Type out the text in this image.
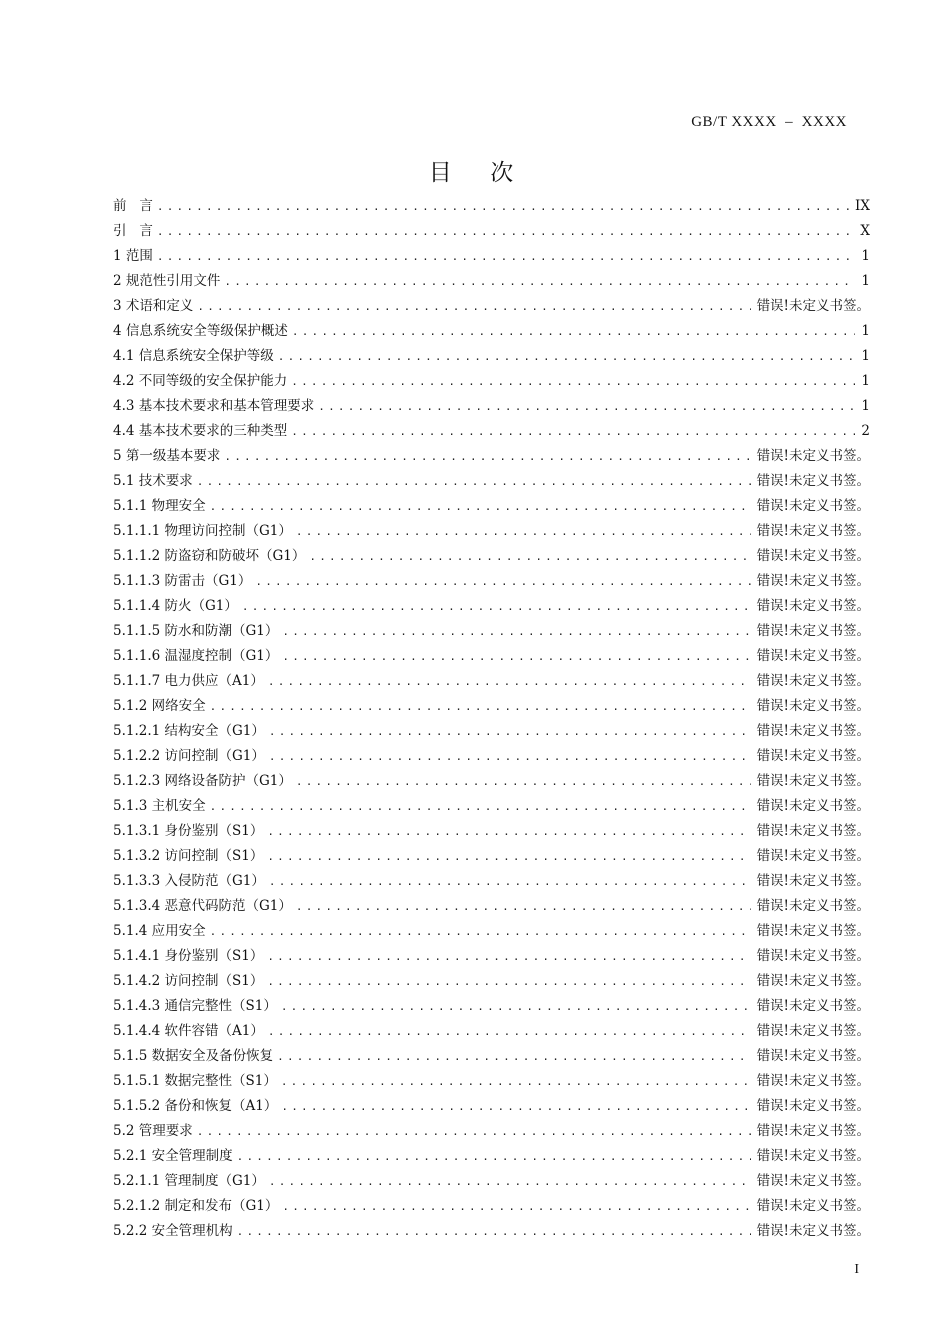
GB/T XXXX  –  XXXX
目  次
前   言 .....	IX
引   言 .....	X
1 范围 .....	1
2 规范性引用文件 .....	1
3 术语和定义 .....	错误!未定义书签。
4 信息系统安全等级保护概述 .....	1
4.1 信息系统安全保护等级 .....	1
4.2 不同等级的安全保护能力 .....	1
4.3 基本技术要求和基本管理要求 .....	1
4.4 基本技术要求的三种类型 .....	2
5 第一级基本要求 .....	错误!未定义书签。
5.1 技术要求 .....	错误!未定义书签。
5.1.1 物理安全 .....	错误!未定义书签。
5.1.1.1 物理访问控制（G1） .....	错误!未定义书签。
5.1.1.2 防盗窃和防破坏（G1） .....	错误!未定义书签。
5.1.1.3 防雷击（G1） .....	错误!未定义书签。
5.1.1.4 防火（G1） .....	错误!未定义书签。
5.1.1.5 防水和防潮（G1） .....	错误!未定义书签。
5.1.1.6 温湿度控制（G1） .....	错误!未定义书签。
5.1.1.7 电力供应（A1） .....	错误!未定义书签。
5.1.2 网络安全 .....	错误!未定义书签。
5.1.2.1 结构安全（G1） .....	错误!未定义书签。
5.1.2.2 访问控制（G1） .....	错误!未定义书签。
5.1.2.3 网络设备防护（G1） .....	错误!未定义书签。
5.1.3 主机安全 .....	错误!未定义书签。
5.1.3.1 身份鉴别（S1） .....	错误!未定义书签。
5.1.3.2 访问控制（S1） .....	错误!未定义书签。
5.1.3.3 入侵防范（G1） .....	错误!未定义书签。
5.1.3.4 恶意代码防范（G1） .....	错误!未定义书签。
5.1.4 应用安全 .....	错误!未定义书签。
5.1.4.1 身份鉴别（S1） .....	错误!未定义书签。
5.1.4.2 访问控制（S1） .....	错误!未定义书签。
5.1.4.3 通信完整性（S1） .....	错误!未定义书签。
5.1.4.4 软件容错（A1） .....	错误!未定义书签。
5.1.5 数据安全及备份恢复 .....	错误!未定义书签。
5.1.5.1 数据完整性（S1） .....	错误!未定义书签。
5.1.5.2 备份和恢复（A1） .....	错误!未定义书签。
5.2 管理要求 .....	错误!未定义书签。
5.2.1 安全管理制度 .....	错误!未定义书签。
5.2.1.1 管理制度（G1） .....	错误!未定义书签。
5.2.1.2 制定和发布（G1） .....	错误!未定义书签。
5.2.2 安全管理机构 .....	错误!未定义书签。
I
